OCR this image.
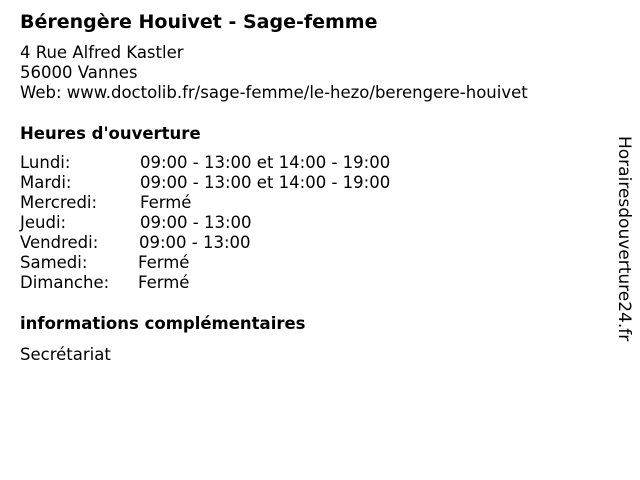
Bérengère Houivet - Sage-femme
4 Rue Alfred Kastler
56000 Vannes
Web: www.doctolib.fr/sage-femme/le-hezo/berengere-houivet
Heures d'ouverture
Lundi:	09:00 - 13:00 et 14:00 - 19:00
Mardi:	09:00 - 13:00 et 14:00 - 19:00
Mercredi:	Fermé
Jeudi:	09:00 - 13:00
Vendredi: 09:00 - 13:00
Samedi:	Fermé
Dimanche: Fermé
informations complémentaires
Secrétariat
Horairesdouverture24.fr
